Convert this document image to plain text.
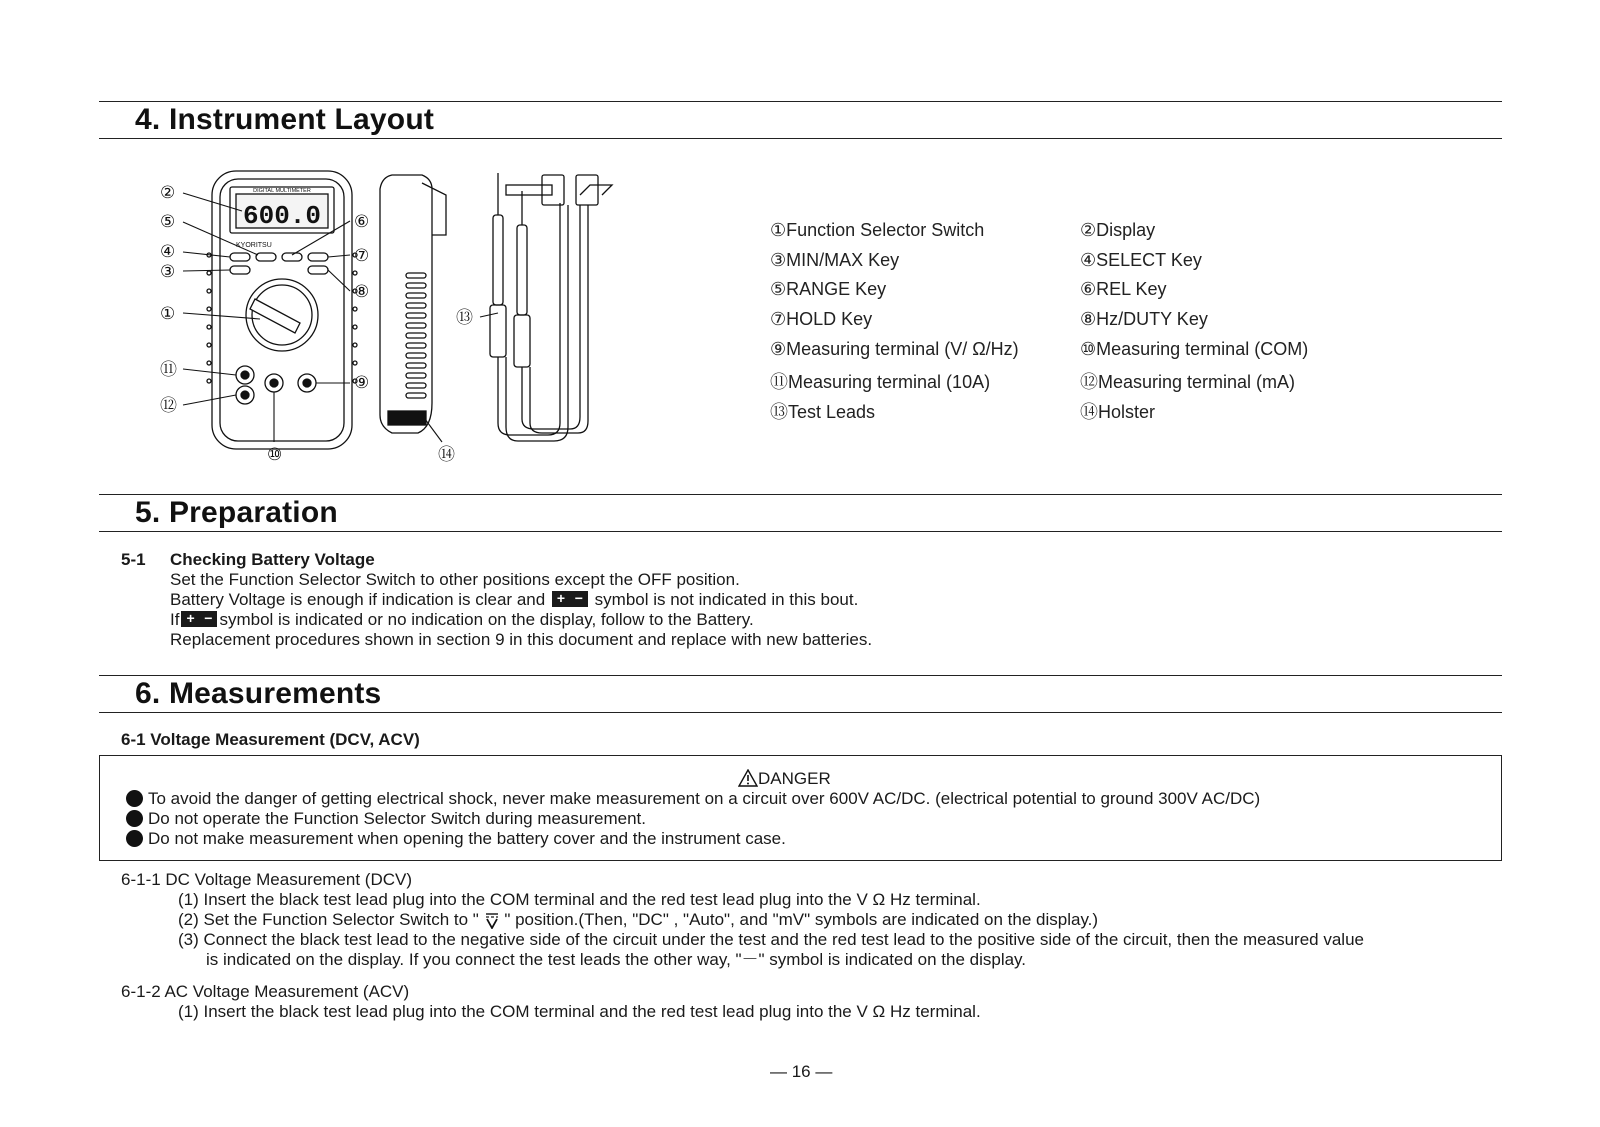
4. Instrument Layout
DIGITAL MULTIMETER
600.0
KYORITSU
②
⑤
④
③
①
⑪
⑫
⑥
⑦
⑧
⑨
⑩	⑭
⑬
①Function Selector Switch	②Display
③MIN/MAX Key	④SELECT Key
⑤RANGE Key	⑥REL Key
⑦HOLD Key	⑧Hz/DUTY Key
⑨Measuring terminal (V/ Ω/Hz)	⑩Measuring terminal (COM)
⑪Measuring terminal (10A)	⑫Measuring terminal (mA)
⑬Test Leads	⑭Holster
5. Preparation
5-1 Checking Battery Voltage
Set the Function Selector Switch to other positions except the OFF position.
Battery Voltage is enough if indication is clear and + −	symbol is not indicated in this bout.
If + − symbol is indicated or no indication on the display, follow to the Battery.
Replacement procedures shown in section 9 in this document and replace with new batteries.
6. Measurements
6-1 Voltage Measurement (DCV, ACV)
DANGER
To avoid the danger of getting electrical shock, never make measurement on a circuit over 600V AC/DC. (electrical potential to ground 300V AC/DC)
Do not operate the Function Selector Switch during measurement.
Do not make measurement when opening the battery cover and the instrument case.
6-1-1 DC Voltage Measurement (DCV)
(1) Insert the black test lead plug into the COM terminal and the red test lead plug into the V Ω Hz terminal.
(2) Set the Function Selector Switch to " " position.(Then, "DC" , "Auto", and "mV" symbols are indicated on the display.)
(3) Connect the black test lead to the negative side of the circuit under the test and the red test lead to the positive side of the circuit, then the measured value
is indicated on the display. If you connect the test leads the other way, "－" symbol is indicated on the display.
6-1-2 AC Voltage Measurement (ACV)
(1) Insert the black test lead plug into the COM terminal and the red test lead plug into the V Ω Hz terminal.
— 16 —
